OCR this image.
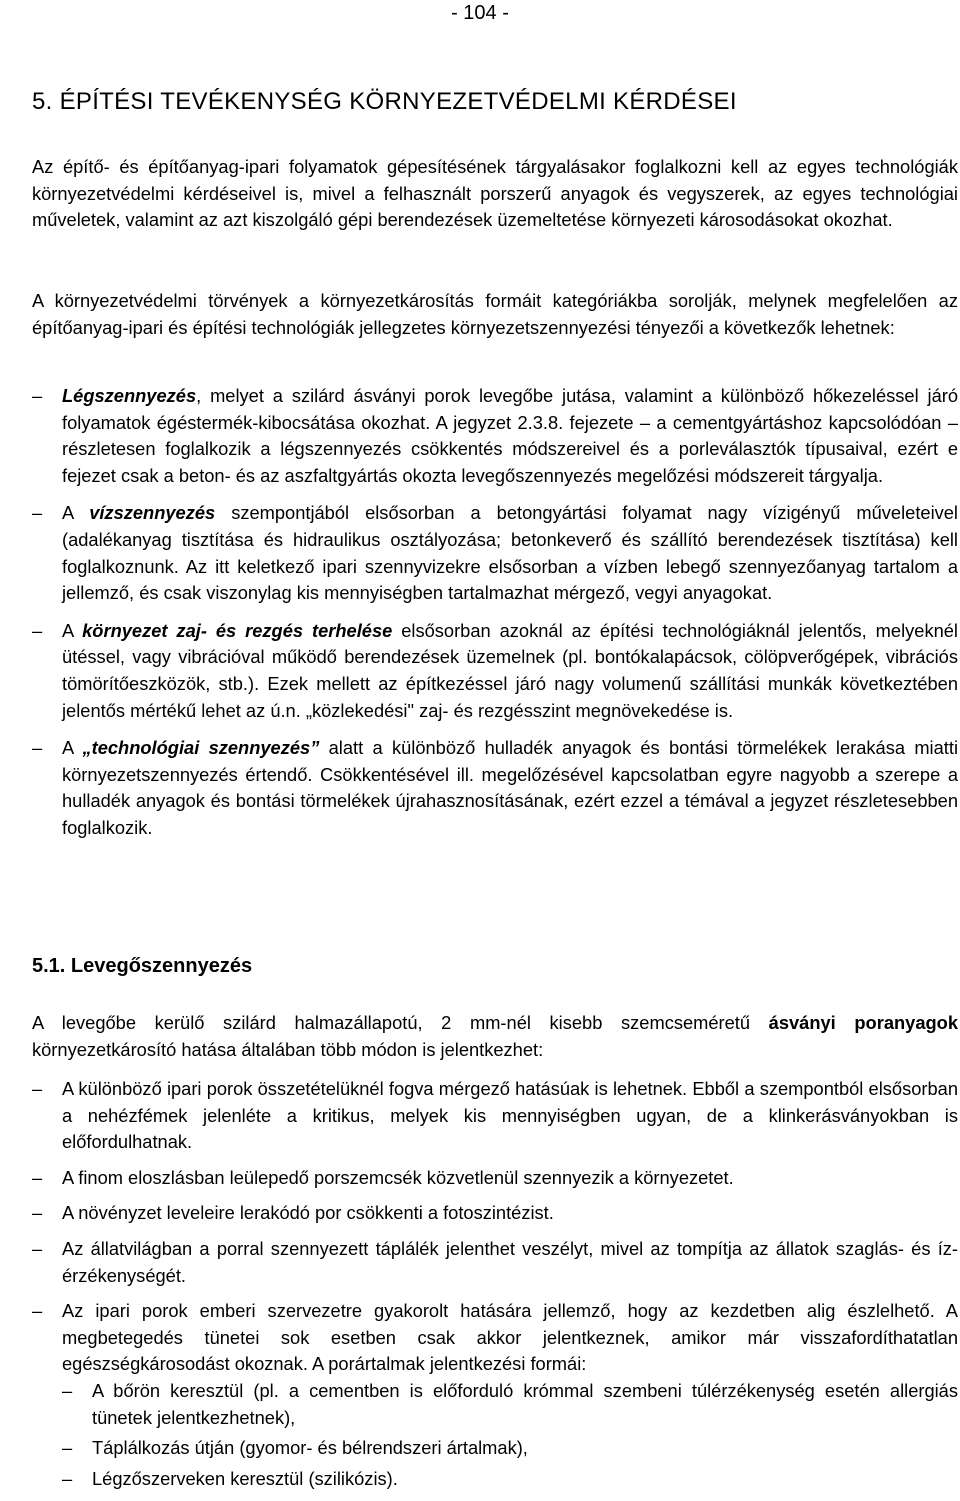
- 104 -
5. ÉPÍTÉSI TEVÉKENYSÉG KÖRNYEZETVÉDELMI KÉRDÉSEI

Az építő- és építőanyag-ipari folyamatok gépesítésének tárgyalásakor foglalkozni kell az egyes technológiák környezetvédelmi kérdéseivel is, mivel a felhasznált porszerű anyagok és vegyszerek, az egyes technológiai műveletek, valamint az azt kiszolgáló gépi berendezések üzemeltetése környezeti károsodásokat okozhat.

A környezetvédelmi törvények a környezetkárosítás formáit kategóriákba sorolják, melynek megfelelően az építőanyag-ipari és építési technológiák jellegzetes környezetszennyezési tényezői a következők lehetnek:

–	Légszennyezés, melyet a szilárd ásványi porok levegőbe jutása, valamint a különböző hőkezeléssel járó folyamatok égéstermék-kibocsátása okozhat. A jegyzet 2.3.8. fejezete – a cementgyártáshoz kapcsolódóan – részletesen foglalkozik a légszennyezés csökkentés módszereivel és a porleválasztók típusaival, ezért e fejezet csak a beton- és az aszfaltgyártás okozta levegőszennyezés megelőzési módszereit tárgyalja.
–	A vízszennyezés szempontjából elsősorban a betongyártási folyamat nagy vízigényű műveleteivel (adalékanyag tisztítása és hidraulikus osztályozása; betonkeverő és szállító berendezések tisztítása) kell foglalkoznunk. Az itt keletkező ipari szennyvizekre elsősorban a vízben lebegő szennyezőanyag tartalom a jellemző, és csak viszonylag kis mennyiségben tartalmazhat mérgező, vegyi anyagokat.
–	A környezet zaj- és rezgés terhelése elsősorban azoknál az építési technológiáknál jelentős, melyeknél ütéssel, vagy vibrációval működő berendezések üzemelnek (pl. bontókalapácsok, cölöpverőgépek, vibrációs tömörítőeszközök, stb.). Ezek mellett az építkezéssel járó nagy volumenű szállítási munkák következtében jelentős mértékű lehet az ú.n. „közlekedési" zaj- és rezgésszint megnövekedése is.
–	A „technológiai szennyezés” alatt a különböző hulladék anyagok és bontási törmelékek lerakása miatti környezetszennyezés értendő. Csökkentésével ill. megelőzésével kapcsolatban egyre nagyobb a szerepe a hulladék anyagok és bontási törmelékek újrahasznosításának, ezért ezzel a témával a jegyzet részletesebben foglalkozik.
5.1. Levegőszennyezés

A levegőbe kerülő szilárd halmazállapotú, 2 mm-nél kisebb szemcseméretű ásványi poranyagok környezetkárosító hatása általában több módon is jelentkezhet:

–	A különböző ipari porok összetételüknél fogva mérgező hatásúak is lehetnek. Ebből a szempontból elsősorban a nehézfémek jelenléte a kritikus, melyek kis mennyiségben ugyan, de a klinkerásványokban is előfordulhatnak.
–	A finom eloszlásban leülepedő porszemcsék közvetlenül szennyezik a környezetet.
–	A növényzet leveleire lerakódó por csökkenti a fotoszintézist.
–	Az állatvilágban a porral szennyezett táplálék jelenthet veszélyt, mivel az tompítja az állatok szaglás- és íz-érzékenységét.
–	Az ipari porok emberi szervezetre gyakorolt hatására jellemző, hogy az kezdetben alig észlelhető. A megbetegedés tünetei sok esetben csak akkor jelentkeznek, amikor már visszafordíthatatlan egészségkárosodást okoznak. A porártalmak jelentkezési formái:
–	A bőrön keresztül (pl. a cementben is előforduló krómmal szembeni túlérzékenység esetén allergiás tünetek jelentkezhetnek),
–	Táplálkozás útján (gyomor- és bélrendszeri ártalmak),
–	Légzőszerveken keresztül (szilikózis).
